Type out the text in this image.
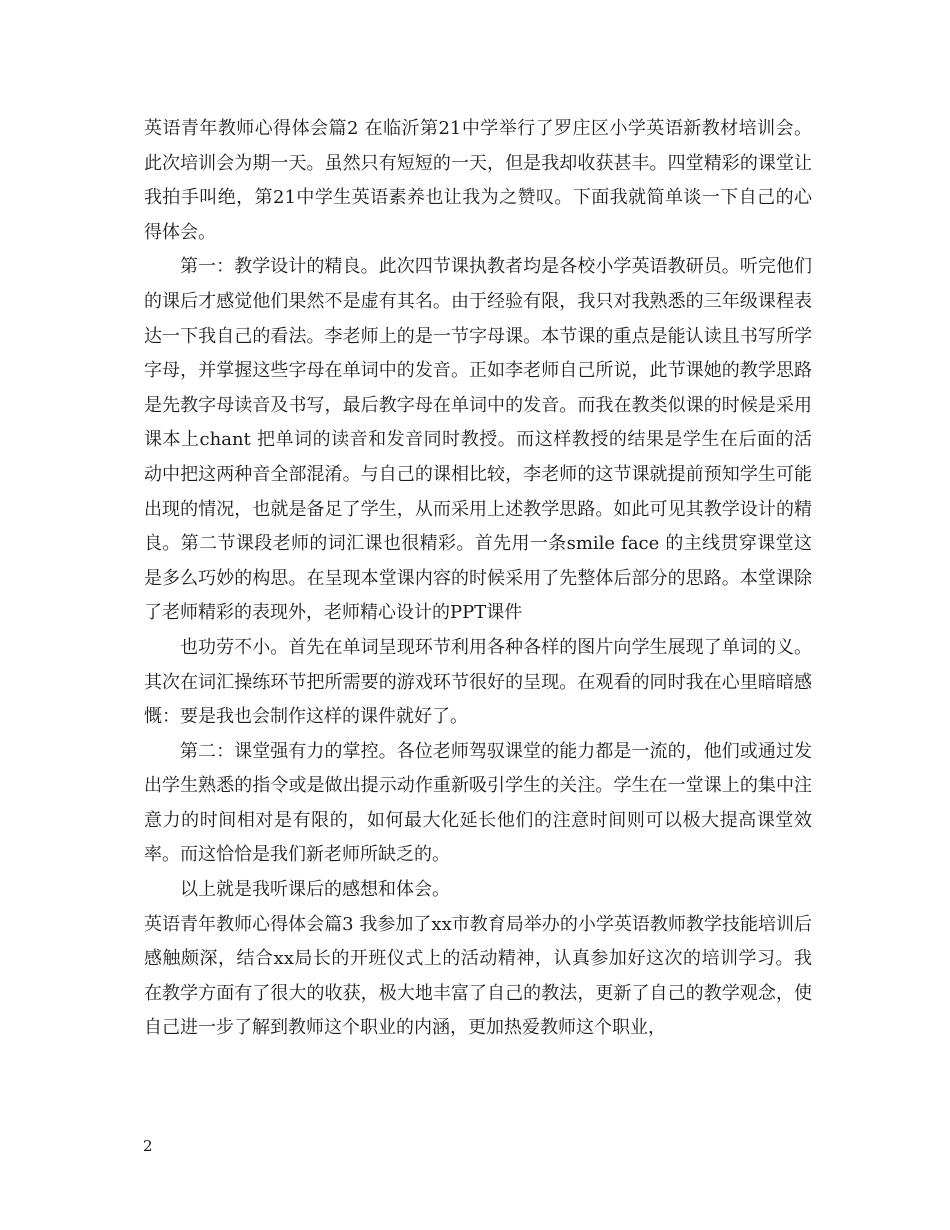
英语青年教师心得体会篇2 在临沂第21中学举行了罗庄区小学英语新教材培训会。此次培训会为期一天。虽然只有短短的一天，但是我却收获甚丰。四堂精彩的课堂让我拍手叫绝，第21中学生英语素养也让我为之赞叹。下面我就简单谈一下自己的心得体会。

第一：教学设计的精良。此次四节课执教者均是各校小学英语教研员。听完他们的课后才感觉他们果然不是虚有其名。由于经验有限，我只对我熟悉的三年级课程表达一下我自己的看法。李老师上的是一节字母课。本节课的重点是能认读且书写所学字母，并掌握这些字母在单词中的发音。正如李老师自己所说，此节课她的教学思路是先教字母读音及书写，最后教字母在单词中的发音。而我在教类似课的时候是采用课本上chant 把单词的读音和发音同时教授。而这样教授的结果是学生在后面的活动中把这两种音全部混淆。与自己的课相比较，李老师的这节课就提前预知学生可能出现的情况，也就是备足了学生，从而采用上述教学思路。如此可见其教学设计的精良。第二节课段老师的词汇课也很精彩。首先用一条smile face 的主线贯穿课堂这是多么巧妙的构思。在呈现本堂课内容的时候采用了先整体后部分的思路。本堂课除了老师精彩的表现外，老师精心设计的PPT课件

也功劳不小。首先在单词呈现环节利用各种各样的图片向学生展现了单词的义。其次在词汇操练环节把所需要的游戏环节很好的呈现。在观看的同时我在心里暗暗感慨：要是我也会制作这样的课件就好了。

第二：课堂强有力的掌控。各位老师驾驭课堂的能力都是一流的，他们或通过发出学生熟悉的指令或是做出提示动作重新吸引学生的关注。学生在一堂课上的集中注意力的时间相对是有限的，如何最大化延长他们的注意时间则可以极大提高课堂效率。而这恰恰是我们新老师所缺乏的。

以上就是我听课后的感想和体会。

英语青年教师心得体会篇3 我参加了xx市教育局举办的小学英语教师教学技能培训后感触颇深，结合xx局长的开班仪式上的活动精神，认真参加好这次的培训学习。我在教学方面有了很大的收获，极大地丰富了自己的教法，更新了自己的教学观念，使自己进一步了解到教师这个职业的内涵，更加热爱教师这个职业，

2
